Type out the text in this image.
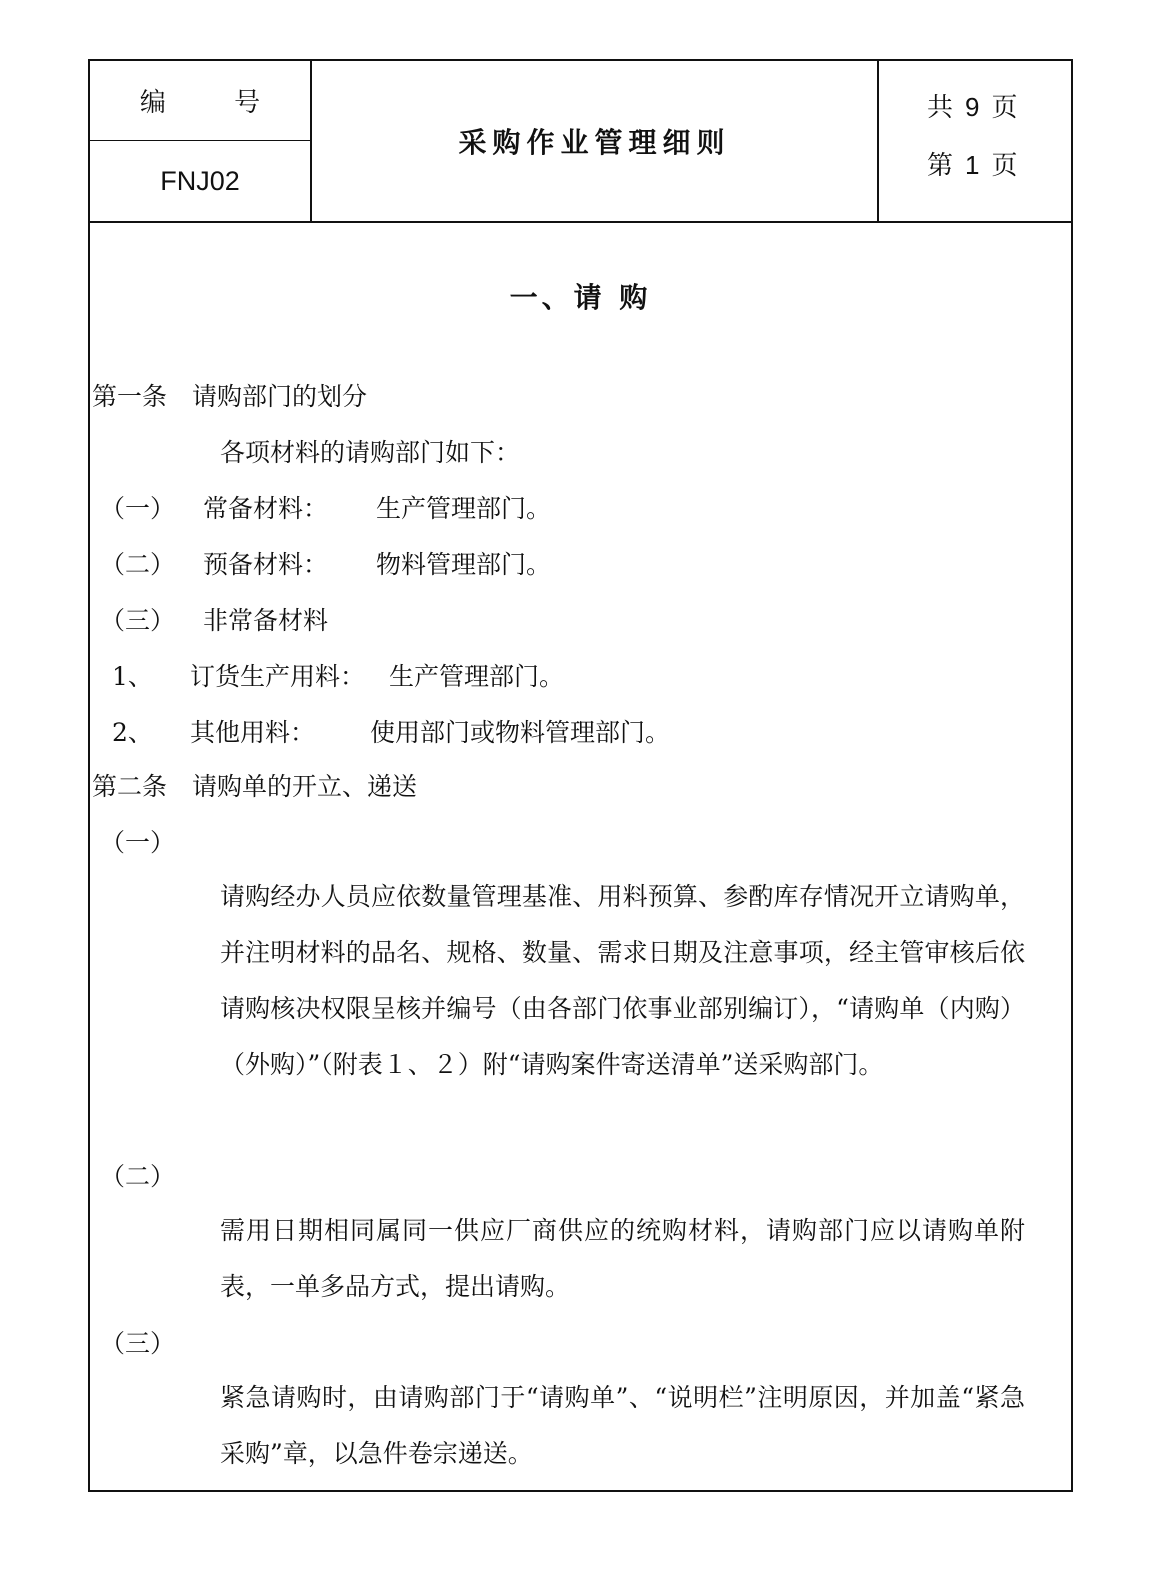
编 号
FNJ02
采购作业管理细则
共 9 页
第 1 页
一、请 购
第一条　请购部门的划分
各项材料的请购部门如下：
（一） 常备材料： 生产管理部门。
（二） 预备材料： 物料管理部门。
（三） 非常备材料
1、 订货生产用料： 生产管理部门。
2、 其他用料： 使用部门或物料管理部门。
第二条　请购单的开立、递送
（一）
请购经办人员应依数量管理基准、用料预算、参酌库存情况开立请购单，并注明材料的品名、规格、数量、需求日期及注意事项，经主管审核后依请购核决权限呈核并编号（由各部门依事业部别编订），“请购单（内购）（外购）”（附表１、２）附“请购案件寄送清单”送采购部门。
（二）
需用日期相同属同一供应厂商供应的统购材料，请购部门应以请购单附表，一单多品方式，提出请购。
（三）
紧急请购时，由请购部门于“请购单”、“说明栏”注明原因，并加盖“紧急采购”章，以急件卷宗递送。
